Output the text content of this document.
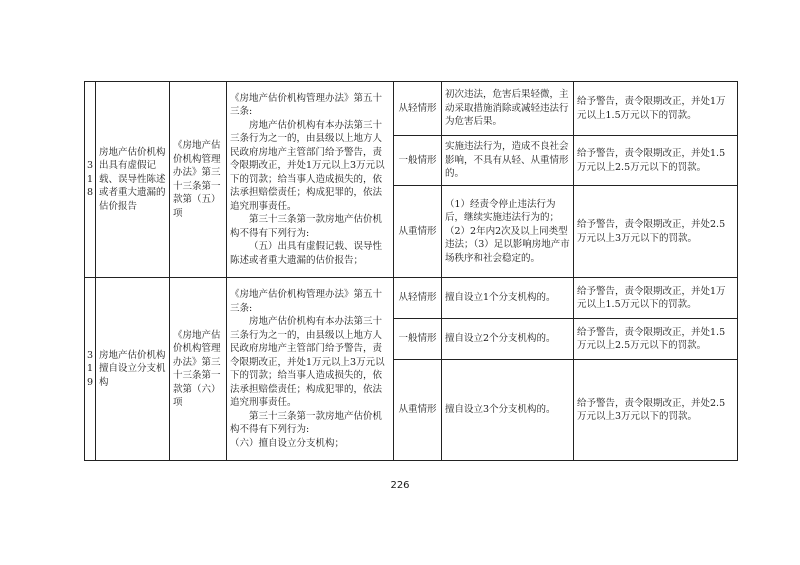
318	房地产估价机构出具有虚假记载、误导性陈述或者重大遗漏的估价报告	《房地产估价机构管理办法》第三十三条第一款第（五）项	《房地产估价机构管理办法》第五十三条:
房地产估价机构有本办法第三十三条行为之一的，由县级以上地方人民政府房地产主管部门给予警告，责令限期改正，并处1万元以上3万元以下的罚款；给当事人造成损失的，依法承担赔偿责任；构成犯罪的，依法追究刑事责任。
第三十三条第一款房地产估价机构不得有下列行为:
（五）出具有虚假记载、误导性陈述或者重大遗漏的估价报告；	从轻情形	初次违法，危害后果轻微，主动采取措施消除或减轻违法行为危害后果。	给予警告，责令限期改正，并处1万元以上1.5万元以下的罚款。
				一般情形	实施违法行为，造成不良社会影响，不具有从轻、从重情形的。	给予警告，责令限期改正，并处1.5万元以上2.5万元以下的罚款。
				从重情形	（1）经责令停止违法行为后，继续实施违法行为的；（2）2年内2次及以上同类型违法；（3）足以影响房地产市场秩序和社会稳定的。	给予警告，责令限期改正，并处2.5万元以上3万元以下的罚款。
319	房地产估价机构擅自设立分支机构	《房地产估价机构管理办法》第三十三条第一款第（六）项	《房地产估价机构管理办法》第五十三条:
房地产估价机构有本办法第三十三条行为之一的，由县级以上地方人民政府房地产主管部门给予警告，责令限期改正，并处1万元以上3万元以下的罚款；给当事人造成损失的，依法承担赔偿责任；构成犯罪的，依法追究刑事责任。
第三十三条第一款房地产估价机构不得有下列行为:
（六）擅自设立分支机构；	从轻情形	擅自设立1个分支机构的。	给予警告，责令限期改正，并处1万元以上1.5万元以下的罚款。
				一般情形	擅自设立2个分支机构的。	给予警告，责令限期改正，并处1.5万元以上2.5万元以下的罚款。
				从重情形	擅自设立3个分支机构的。	给予警告，责令限期改正，并处2.5万元以上3万元以下的罚款。
226
